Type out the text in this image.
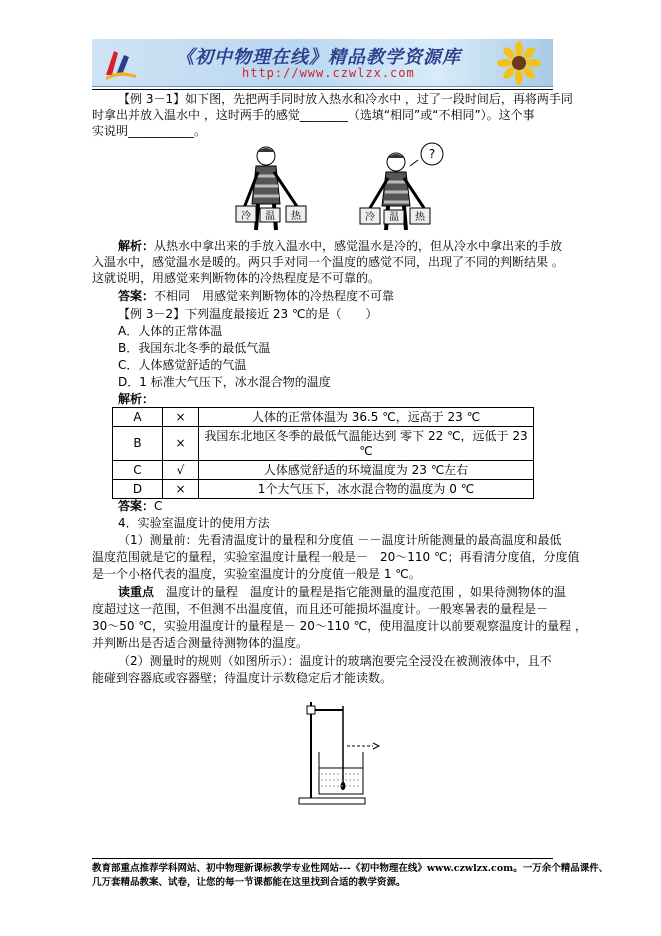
《初中物理在线》精品教学资源库
http://www.czwlzx.com
【例 3－1】如下图，先把两手同时放入热水和冷水中 ，过了一段时间后，再将两手同
时拿出并放入温水中 ，这时两手的感觉________（选填“相同”或“不相同”）。这个事
实说明___________。
冷 温 热
?
冷 温 热
解析：从热水中拿出来的手放入温水中，感觉温水是冷的，但从冷水中拿出来的手放
入温水中，感觉温水是暖的。两只手对同一个温度的感觉不同，出现了不同的判断结果 。
这就说明，用感觉来判断物体的冷热程度是不可靠的。
答案：不相同　用感觉来判断物体的冷热程度不可靠
【例 3－2】下列温度最接近 23 ℃的是（　　）
A．人体的正常体温
B．我国东北冬季的最低气温
C．人体感觉舒适的气温
D．1 标准大气压下，冰水混合物的温度
解析：
A	×	人体的正常体温为 36.5 ℃，远高于 23 ℃
B	×	我国东北地区冬季的最低气温能达到 零下 22 ℃，远低于 23 ℃
C	√	人体感觉舒适的环境温度为 23 ℃左右
D	×	1个大气压下，冰水混合物的温度为 0 ℃
答案：C
4．实验室温度计的使用方法
（1）测量前：先看清温度计的量程和分度值 －－温度计所能测量的最高温度和最低
温度范围就是它的量程，实验室温度计量程一般是－　20～110 ℃；再看清分度值，分度值
是一个小格代表的温度，实验室温度计的分度值一般是 1 ℃。
读重点　温度计的量程　温度计的量程是指它能测量的温度范围 ，如果待测物体的温
度超过这一范围，不但测不出温度值，而且还可能损坏温度计。一般寒暑表的量程是－
30～50 ℃，实验用温度计的量程是－ 20～110 ℃，使用温度计以前要观察温度计的量程 ，
并判断出是否适合测量待测物体的温度。
（2）测量时的规则（如图所示）：温度计的玻璃泡要完全浸没在被测液体中，且不
能碰到容器底或容器壁；待温度计示数稳定后才能读数。
教育部重点推荐学科网站、初中物理新课标教学专业性网站---《初中物理在线》www.czwlzx.com。一万余个精品课件、
几万套精品教案、试卷，让您的每一节课都能在这里找到合适的教学资源。
